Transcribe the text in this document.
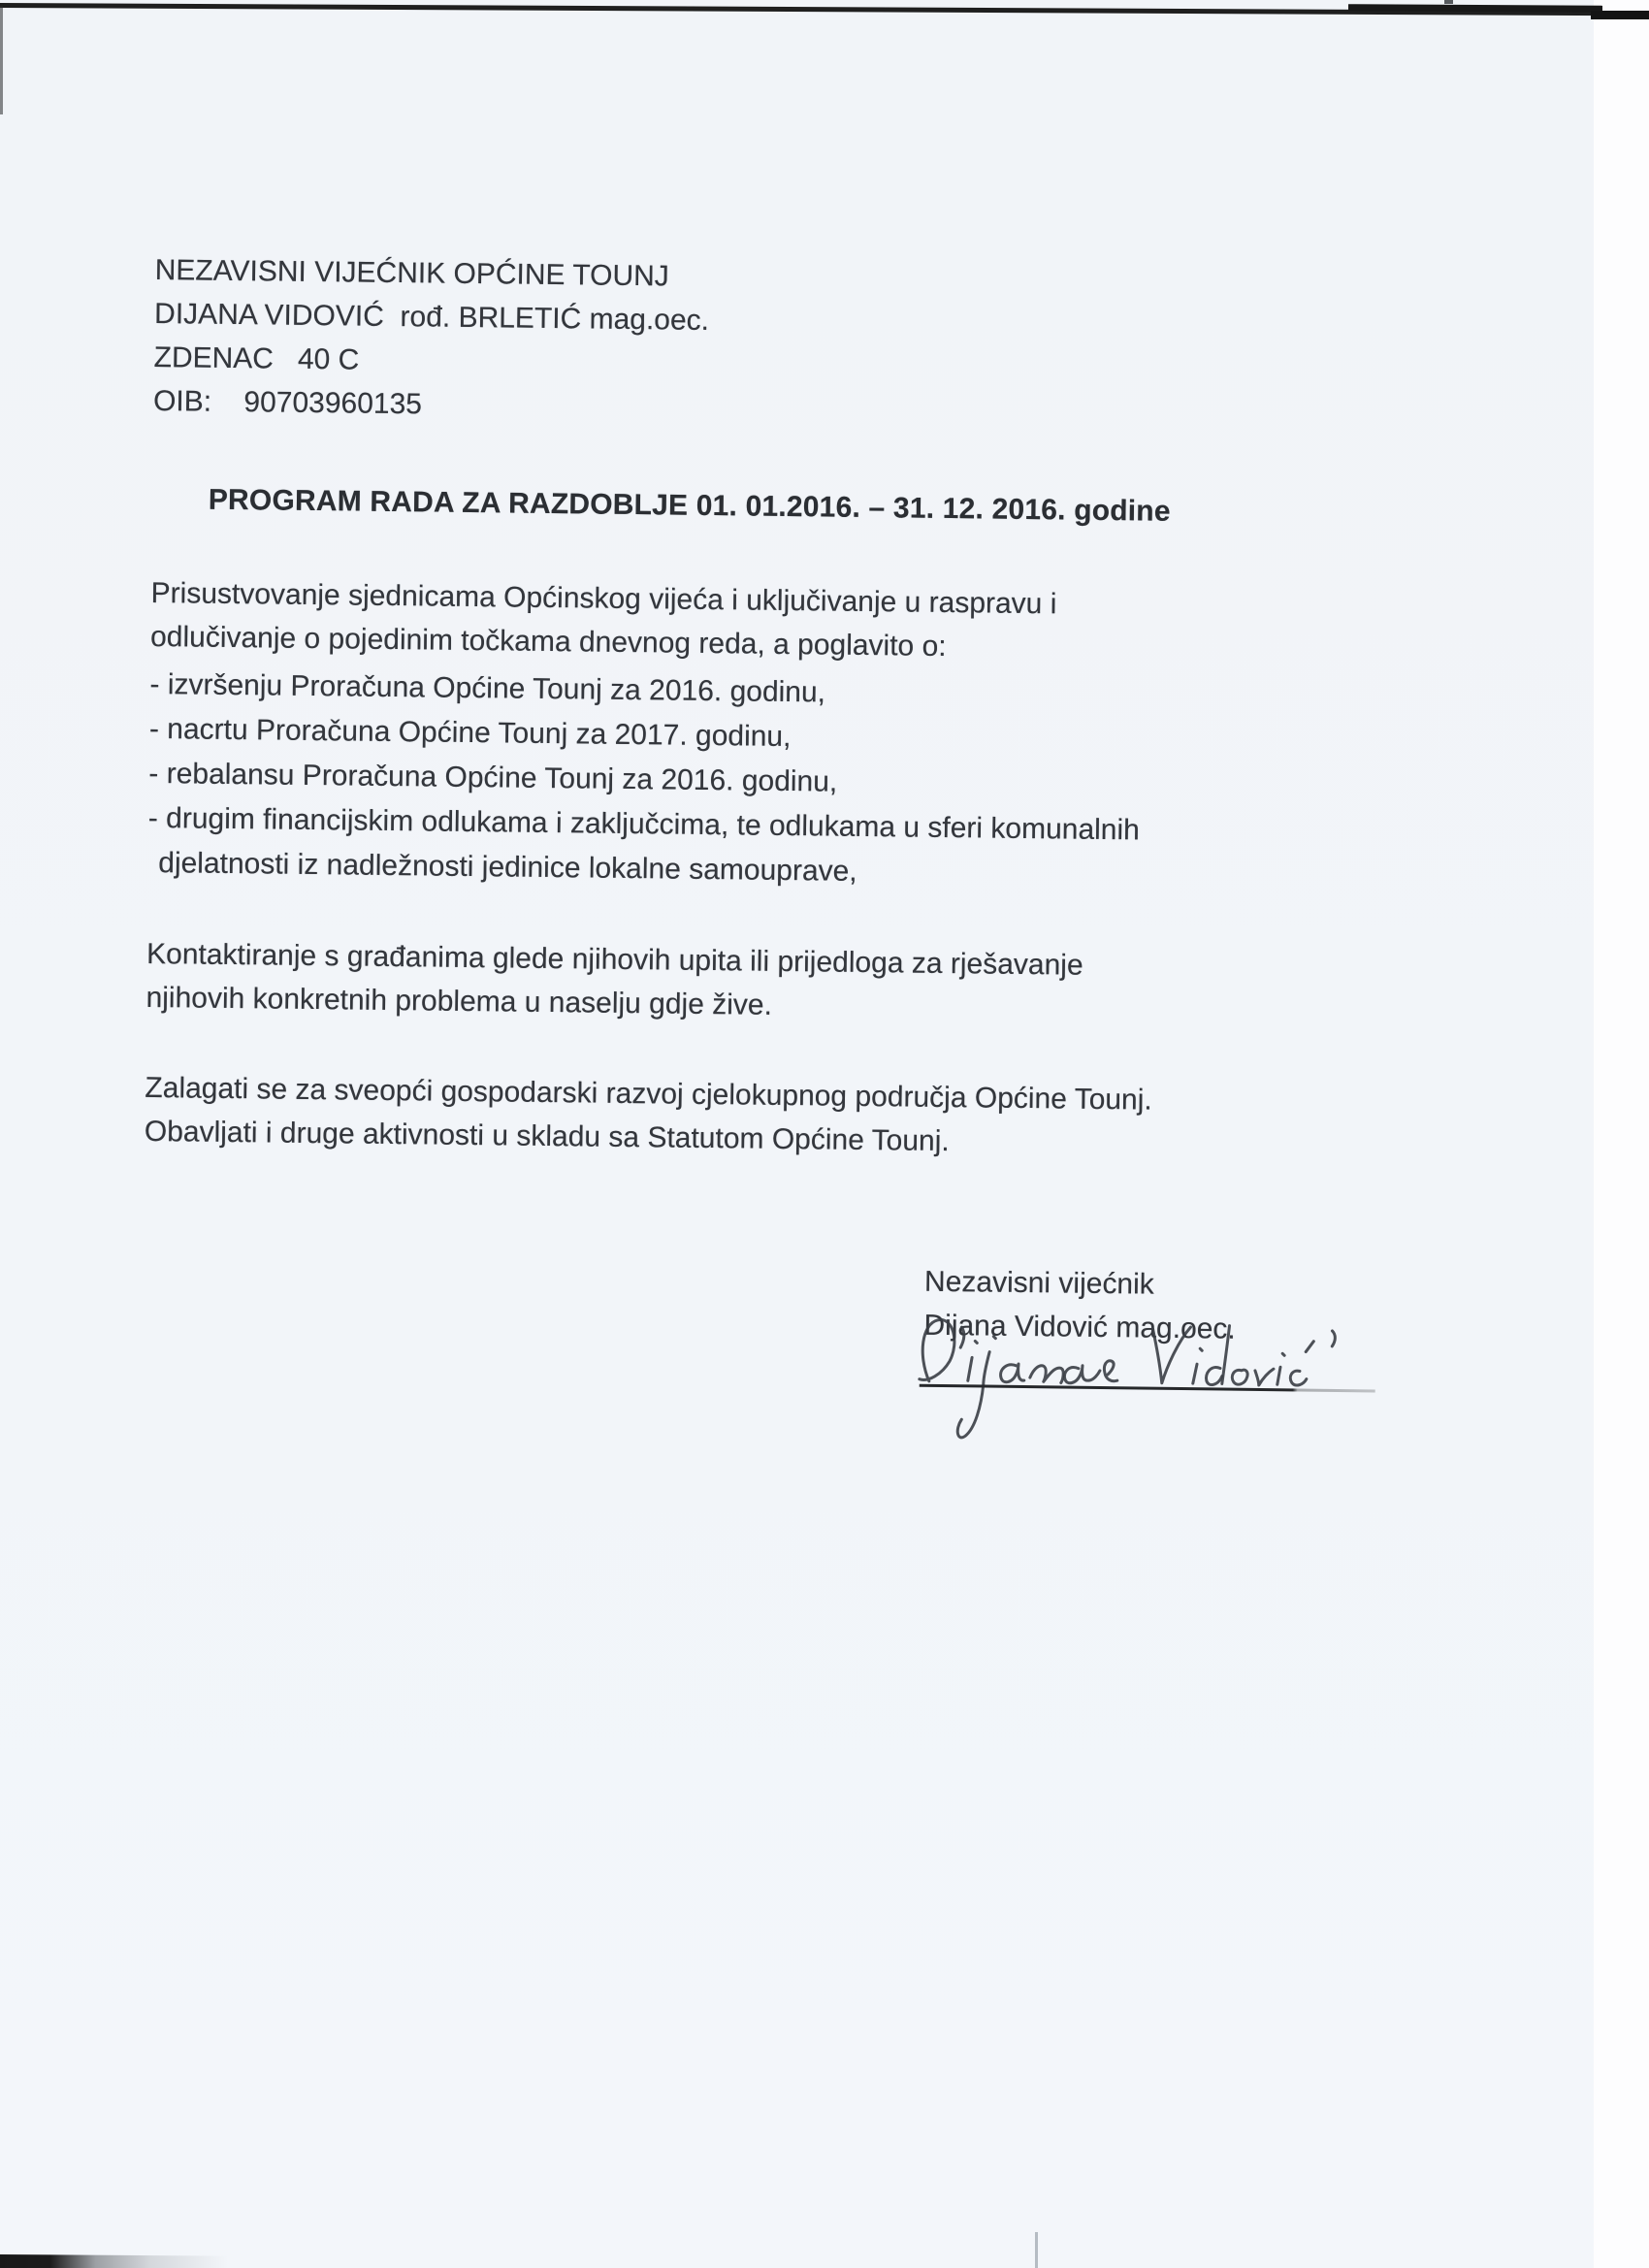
NEZAVISNI VIJEĆNIK OPĆINE TOUNJ
DIJANA VIDOVIĆ  rođ. BRLETIĆ mag.oec.
ZDENAC   40 C
OIB:    90703960135
PROGRAM RADA ZA RAZDOBLJE 01. 01.2016. – 31. 12. 2016. godine
Prisustvovanje sjednicama Općinskog vijeća i uključivanje u raspravu i
odlučivanje o pojedinim točkama dnevnog reda, a poglavito o:
- izvršenju Proračuna Općine Tounj za 2016. godinu,
- nacrtu Proračuna Općine Tounj za 2017. godinu,
- rebalansu Proračuna Općine Tounj za 2016. godinu,
- drugim financijskim odlukama i zaključcima, te odlukama u sferi komunalnih
djelatnosti iz nadležnosti jedinice lokalne samouprave,
Kontaktiranje s građanima glede njihovih upita ili prijedloga za rješavanje
njihovih konkretnih problema u naselju gdje žive.
Zalagati se za sveopći gospodarski razvoj cjelokupnog područja Općine Tounj.
Obavljati i druge aktivnosti u skladu sa Statutom Općine Tounj.
Nezavisni vijećnik
Dijana Vidović mag.oec.
